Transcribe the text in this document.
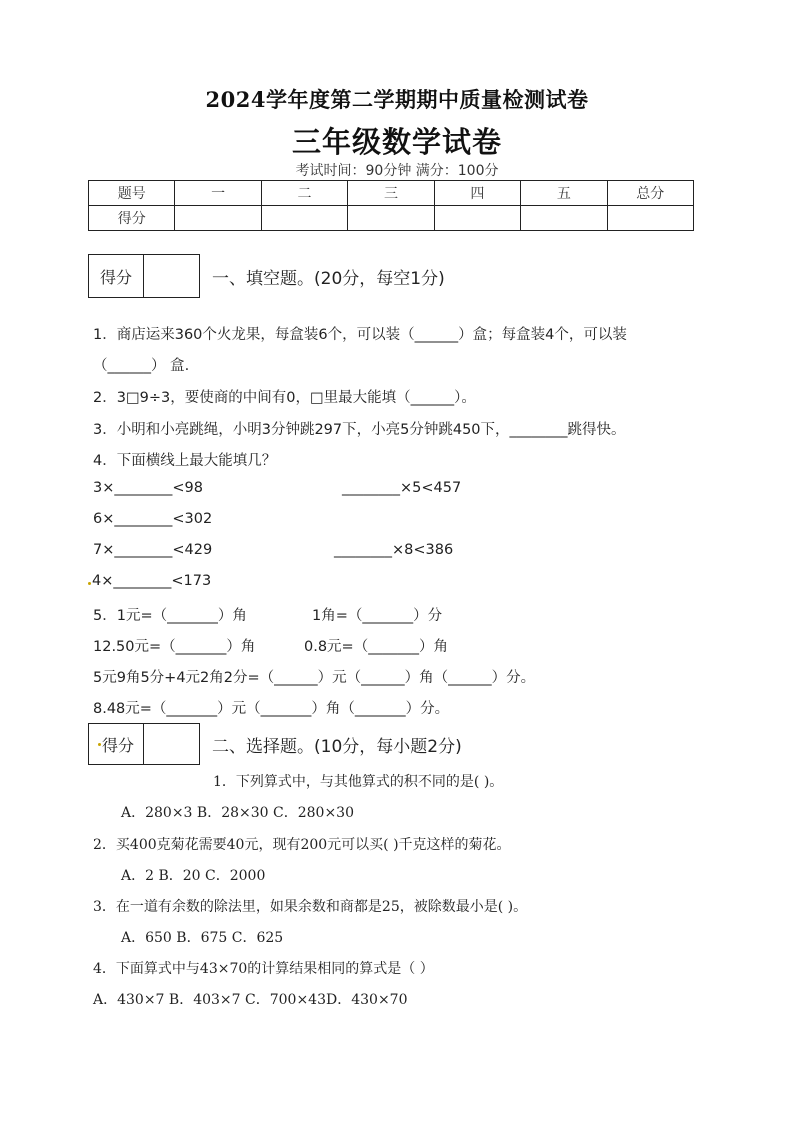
2024学年度第二学期期中质量检测试卷
三年级数学试卷
考试时间：90分钟 满分：100分
题号	一	二	三	四	五	总分
得分						
得分	一、填空题。(20分，每空1分)
1．商店运来360个火龙果，每盒装6个，可以装（______）盒；每盒装4个，可以装
（______） 盒.
2．3□9÷3，要使商的中间有0，□里最大能填（______）。
3．小明和小亮跳绳，小明3分钟跳297下，小亮5分钟跳450下，________跳得快。
4．下面横线上最大能填几？
3×________<98	________×5<457
6×________<302
7×________<429	________×8<386
4×________<173
5．1元=（_______）角	1角=（_______）分
12.50元=（_______）角	0.8元=（_______）角
5元9角5分+4元2角2分=（______）元（______）角（______）分。
8.48元=（_______）元（_______）角（_______）分。
得分	二、选择题。(10分，每小题2分)
1．下列算式中，与其他算式的积不同的是( )。
A．280×3 B．28×30 C．280×30
2．买400克菊花需要40元，现有200元可以买( )千克这样的菊花。
A．2 B．20 C．2000
3．在一道有余数的除法里，如果余数和商都是25，被除数最小是( )。
A．650 B．675 C．625
4．下面算式中与43×70的计算结果相同的算式是（ ）
A．430×7 B．403×7 C．700×43D．430×70
